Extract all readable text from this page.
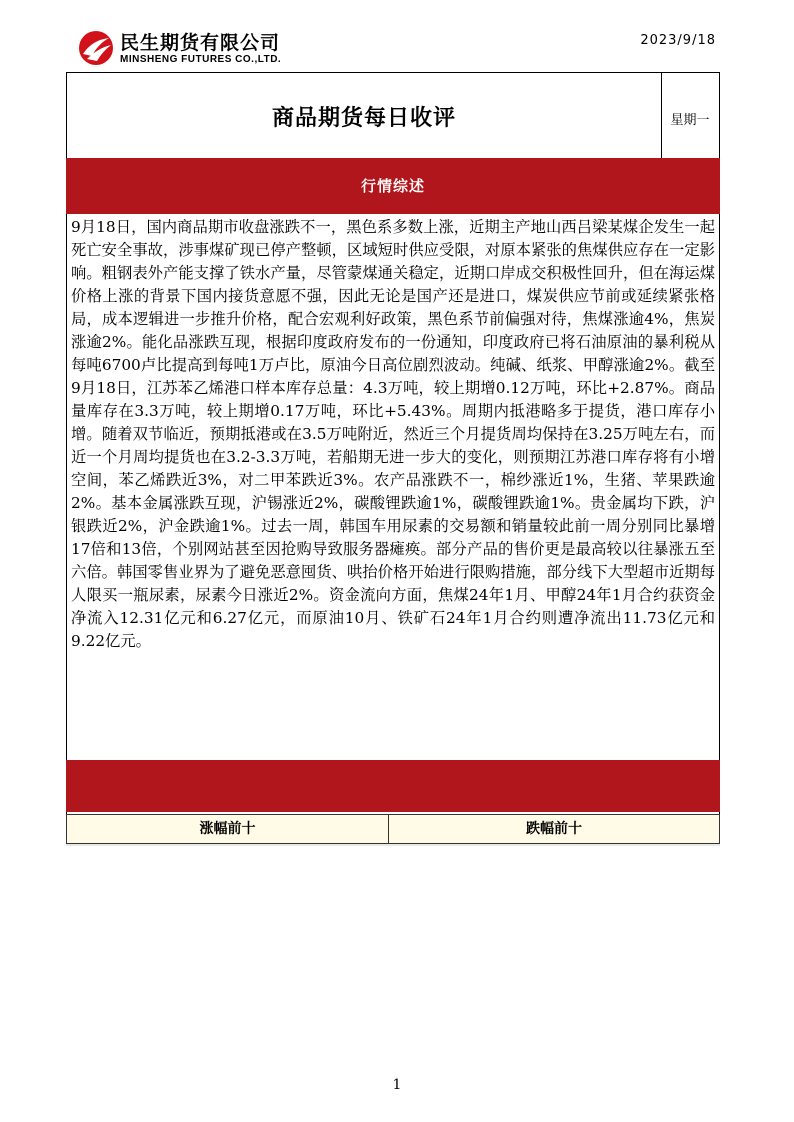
民生期货有限公司
MINSHENG FUTURES CO.,LTD.
2023/9/18
商品期货每日收评	星期一
行情综述
9月18日，国内商品期市收盘涨跌不一，黑色系多数上涨，近期主产地山西吕梁某煤企发生一起死亡安全事故，涉事煤矿现已停产整顿，区域短时供应受限，对原本紧张的焦煤供应存在一定影响。粗钢表外产能支撑了铁水产量，尽管蒙煤通关稳定，近期口岸成交积极性回升，但在海运煤价格上涨的背景下国内接货意愿不强，因此无论是国产还是进口，煤炭供应节前或延续紧张格局，成本逻辑进一步推升价格，配合宏观利好政策，黑色系节前偏强对待，焦煤涨逾4%，焦炭涨逾2%。能化品涨跌互现，根据印度政府发布的一份通知，印度政府已将石油原油的暴利税从每吨6700卢比提高到每吨1万卢比，原油今日高位剧烈波动。纯碱、纸浆、甲醇涨逾2%。截至9月18日，江苏苯乙烯港口样本库存总量：4.3万吨，较上期增0.12万吨，环比+2.87%。商品量库存在3.3万吨，较上期增0.17万吨，环比+5.43%。周期内抵港略多于提货，港口库存小增。随着双节临近，预期抵港或在3.5万吨附近，然近三个月提货周均保持在3.25万吨左右，而近一个月周均提货也在3.2-3.3万吨，若船期无进一步大的变化，则预期江苏港口库存将有小增空间，苯乙烯跌近3%，对二甲苯跌近3%。农产品涨跌不一，棉纱涨近1%，生猪、苹果跌逾2%。基本金属涨跌互现，沪锡涨近2%，碳酸锂跌逾1%，碳酸锂跌逾1%。贵金属均下跌，沪银跌近2%，沪金跌逾1%。过去一周，韩国车用尿素的交易额和销量较此前一周分别同比暴增17倍和13倍，个别网站甚至因抢购导致服务器瘫痪。部分产品的售价更是最高较以往暴涨五至六倍。韩国零售业界为了避免恶意囤货、哄抬价格开始进行限购措施，部分线下大型超市近期每人限买一瓶尿素，尿素今日涨近2%。资金流向方面，焦煤24年1月、甲醇24年1月合约获资金净流入12.31亿元和6.27亿元，而原油10月、铁矿石24年1月合约则遭净流出11.73亿元和9.22亿元。
涨幅前十	跌幅前十
1
